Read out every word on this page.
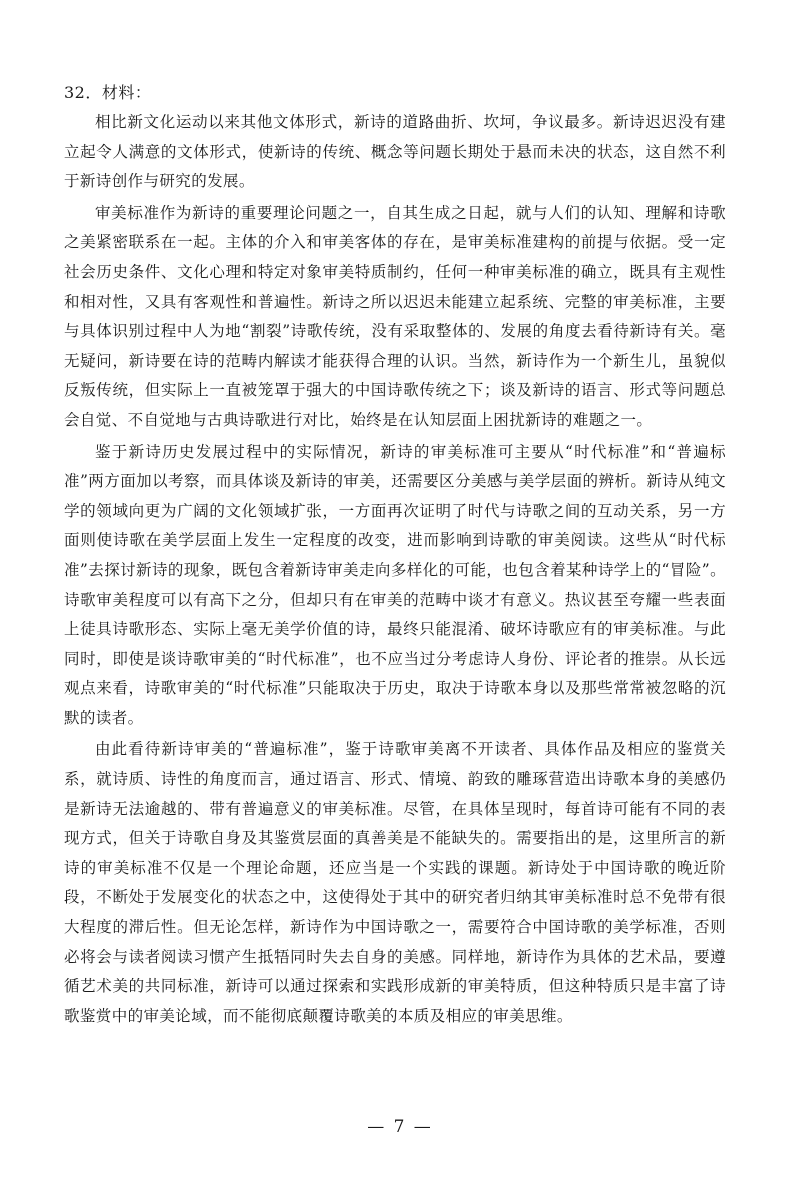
32．材料：

相比新文化运动以来其他文体形式，新诗的道路曲折、坎坷，争议最多。新诗迟迟没有建立起令人满意的文体形式，使新诗的传统、概念等问题长期处于悬而未决的状态，这自然不利于新诗创作与研究的发展。

审美标准作为新诗的重要理论问题之一，自其生成之日起，就与人们的认知、理解和诗歌之美紧密联系在一起。主体的介入和审美客体的存在，是审美标准建构的前提与依据。受一定社会历史条件、文化心理和特定对象审美特质制约，任何一种审美标准的确立，既具有主观性和相对性，又具有客观性和普遍性。新诗之所以迟迟未能建立起系统、完整的审美标准，主要与具体识别过程中人为地“割裂”诗歌传统，没有采取整体的、发展的角度去看待新诗有关。毫无疑问，新诗要在诗的范畴内解读才能获得合理的认识。当然，新诗作为一个新生儿，虽貌似反叛传统，但实际上一直被笼罩于强大的中国诗歌传统之下；谈及新诗的语言、形式等问题总会自觉、不自觉地与古典诗歌进行对比，始终是在认知层面上困扰新诗的难题之一。

鉴于新诗历史发展过程中的实际情况，新诗的审美标准可主要从“时代标准”和“普遍标准”两方面加以考察，而具体谈及新诗的审美，还需要区分美感与美学层面的辨析。新诗从纯文学的领域向更为广阔的文化领域扩张，一方面再次证明了时代与诗歌之间的互动关系，另一方面则使诗歌在美学层面上发生一定程度的改变，进而影响到诗歌的审美阅读。这些从“时代标准”去探讨新诗的现象，既包含着新诗审美走向多样化的可能，也包含着某种诗学上的“冒险”。诗歌审美程度可以有高下之分，但却只有在审美的范畴中谈才有意义。热议甚至夸耀一些表面上徒具诗歌形态、实际上毫无美学价值的诗，最终只能混淆、破坏诗歌应有的审美标准。与此同时，即使是谈诗歌审美的“时代标准”，也不应当过分考虑诗人身份、评论者的推崇。从长远观点来看，诗歌审美的“时代标准”只能取决于历史，取决于诗歌本身以及那些常常被忽略的沉默的读者。

由此看待新诗审美的“普遍标准”，鉴于诗歌审美离不开读者、具体作品及相应的鉴赏关系，就诗质、诗性的角度而言，通过语言、形式、情境、韵致的雕琢营造出诗歌本身的美感仍是新诗无法逾越的、带有普遍意义的审美标准。尽管，在具体呈现时，每首诗可能有不同的表现方式，但关于诗歌自身及其鉴赏层面的真善美是不能缺失的。需要指出的是，这里所言的新诗的审美标准不仅是一个理论命题，还应当是一个实践的课题。新诗处于中国诗歌的晚近阶段，不断处于发展变化的状态之中，这使得处于其中的研究者归纳其审美标准时总不免带有很大程度的滞后性。但无论怎样，新诗作为中国诗歌之一，需要符合中国诗歌的美学标准，否则必将会与读者阅读习惯产生抵牾同时失去自身的美感。同样地，新诗作为具体的艺术品，要遵循艺术美的共同标准，新诗可以通过探索和实践形成新的审美特质，但这种特质只是丰富了诗歌鉴赏中的审美论域，而不能彻底颠覆诗歌美的本质及相应的审美思维。

— 7 —
